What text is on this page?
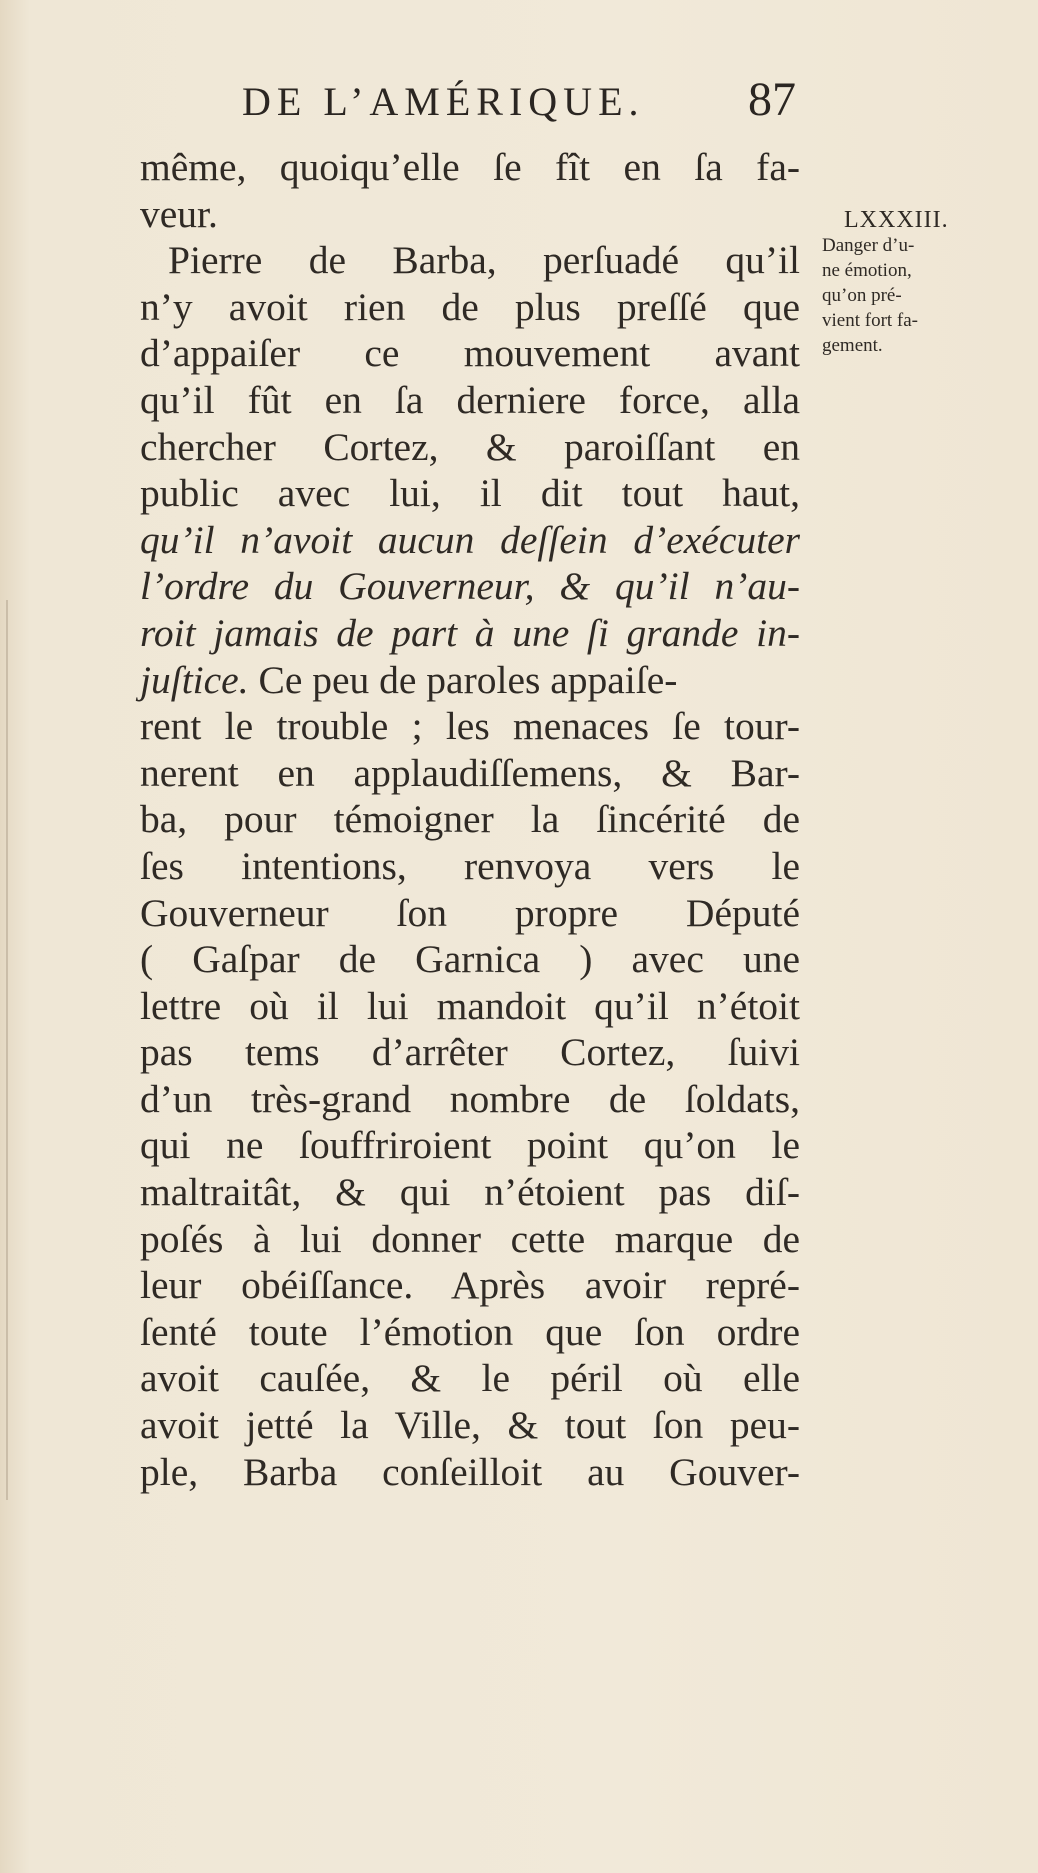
DE L’AMÉRIQUE. 87
même, quoiqu’elle ſe fît en ſa fa-
veur.
Pierre de Barba, perſuadé qu’il
n’y avoit rien de plus preſſé que
d’appaiſer ce mouvement avant
qu’il fût en ſa derniere force, alla
chercher Cortez, & paroiſſant en
public avec lui, il dit tout haut,
qu’il n’avoit aucun deſſein d’exécuter
l’ordre du Gouverneur, & qu’il n’au-
roit jamais de part à une ſi grande in-
juſtice. Ce peu de paroles appaiſe-
rent le trouble ; les menaces ſe tour-
nerent en applaudiſſemens, & Bar-
ba, pour témoigner la ſincérité de
ſes intentions, renvoya vers le
Gouverneur ſon propre Député
( Gaſpar de Garnica ) avec une
lettre où il lui mandoit qu’il n’étoit
pas tems d’arrêter Cortez, ſuivi
d’un très-grand nombre de ſoldats,
qui ne ſouffriroient point qu’on le
maltraitât, & qui n’étoient pas diſ-
poſés à lui donner cette marque de
leur obéiſſance. Après avoir repré-
ſenté toute l’émotion que ſon ordre
avoit cauſée, & le péril où elle
avoit jetté la Ville, & tout ſon peu-
ple, Barba conſeilloit au Gouver-
LXXXIII.
Danger d’u-
ne émotion,
qu’on pré-
vient fort fa-
gement.
